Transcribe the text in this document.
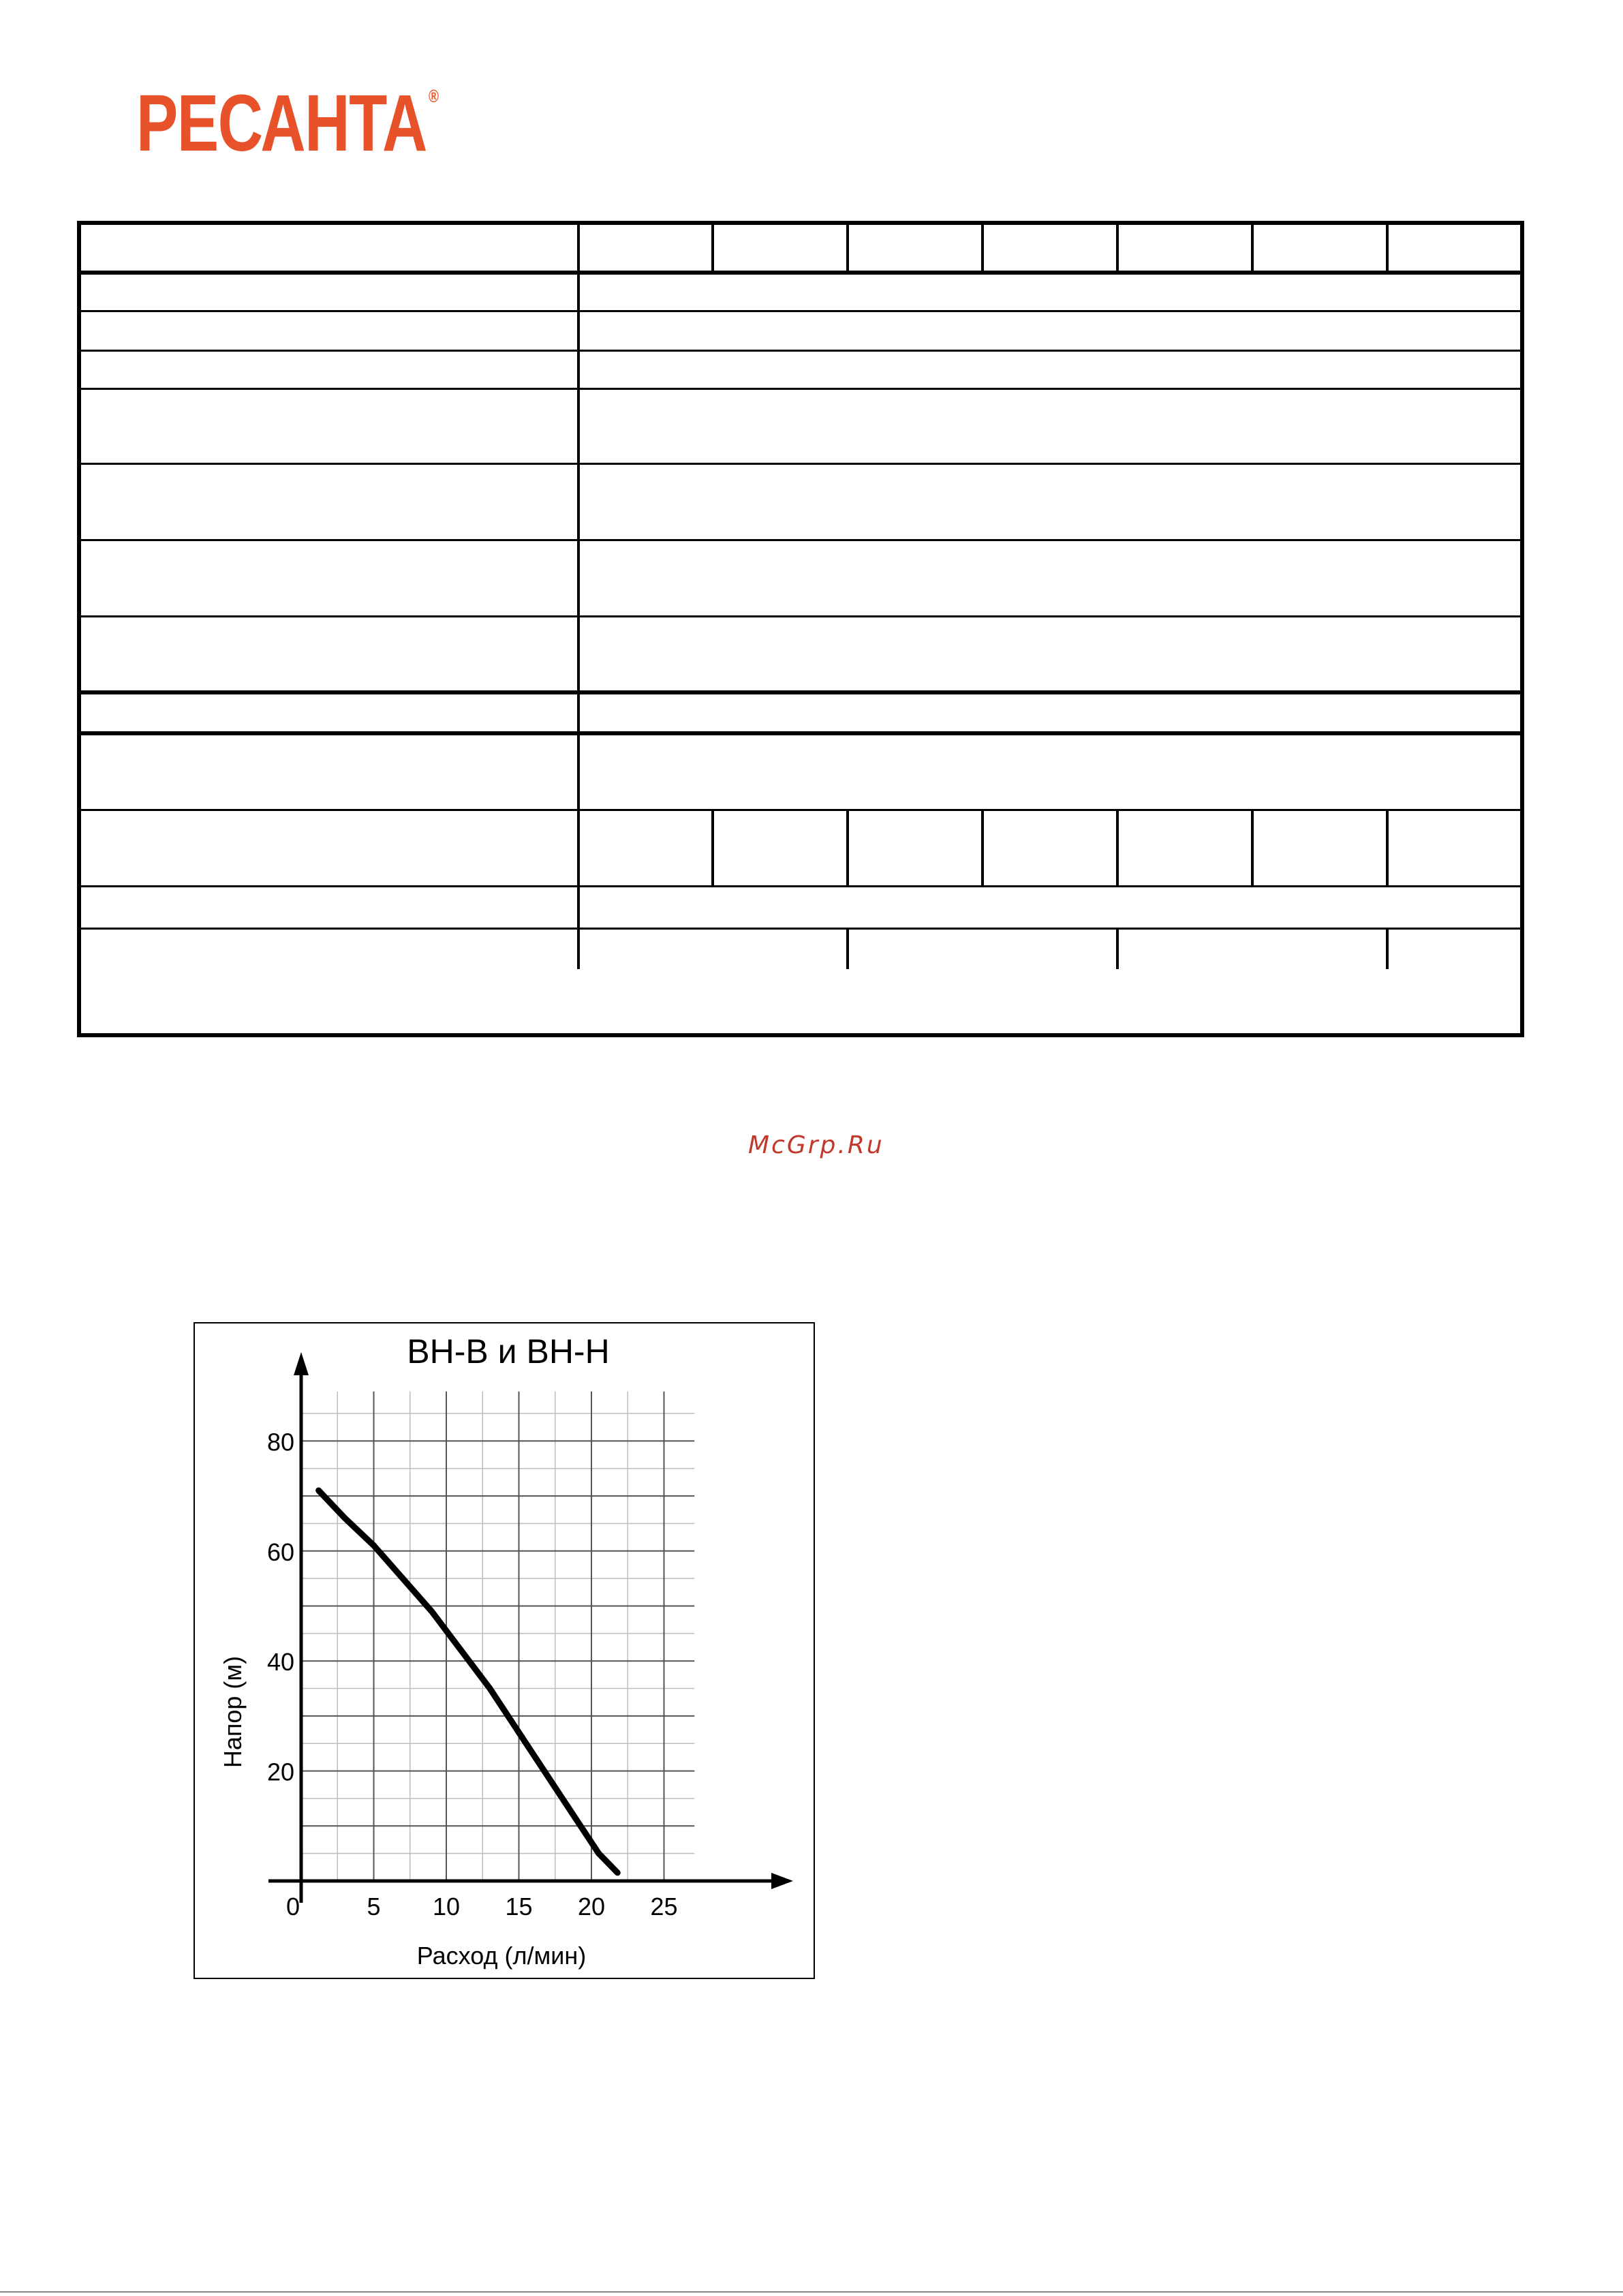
РЕСАНТА ®
McGrp.Ru
ВН-В и ВН-Н
0	5 10 15 20 25
20
40
60
80
Расход (л/мин)
Напор (м)
